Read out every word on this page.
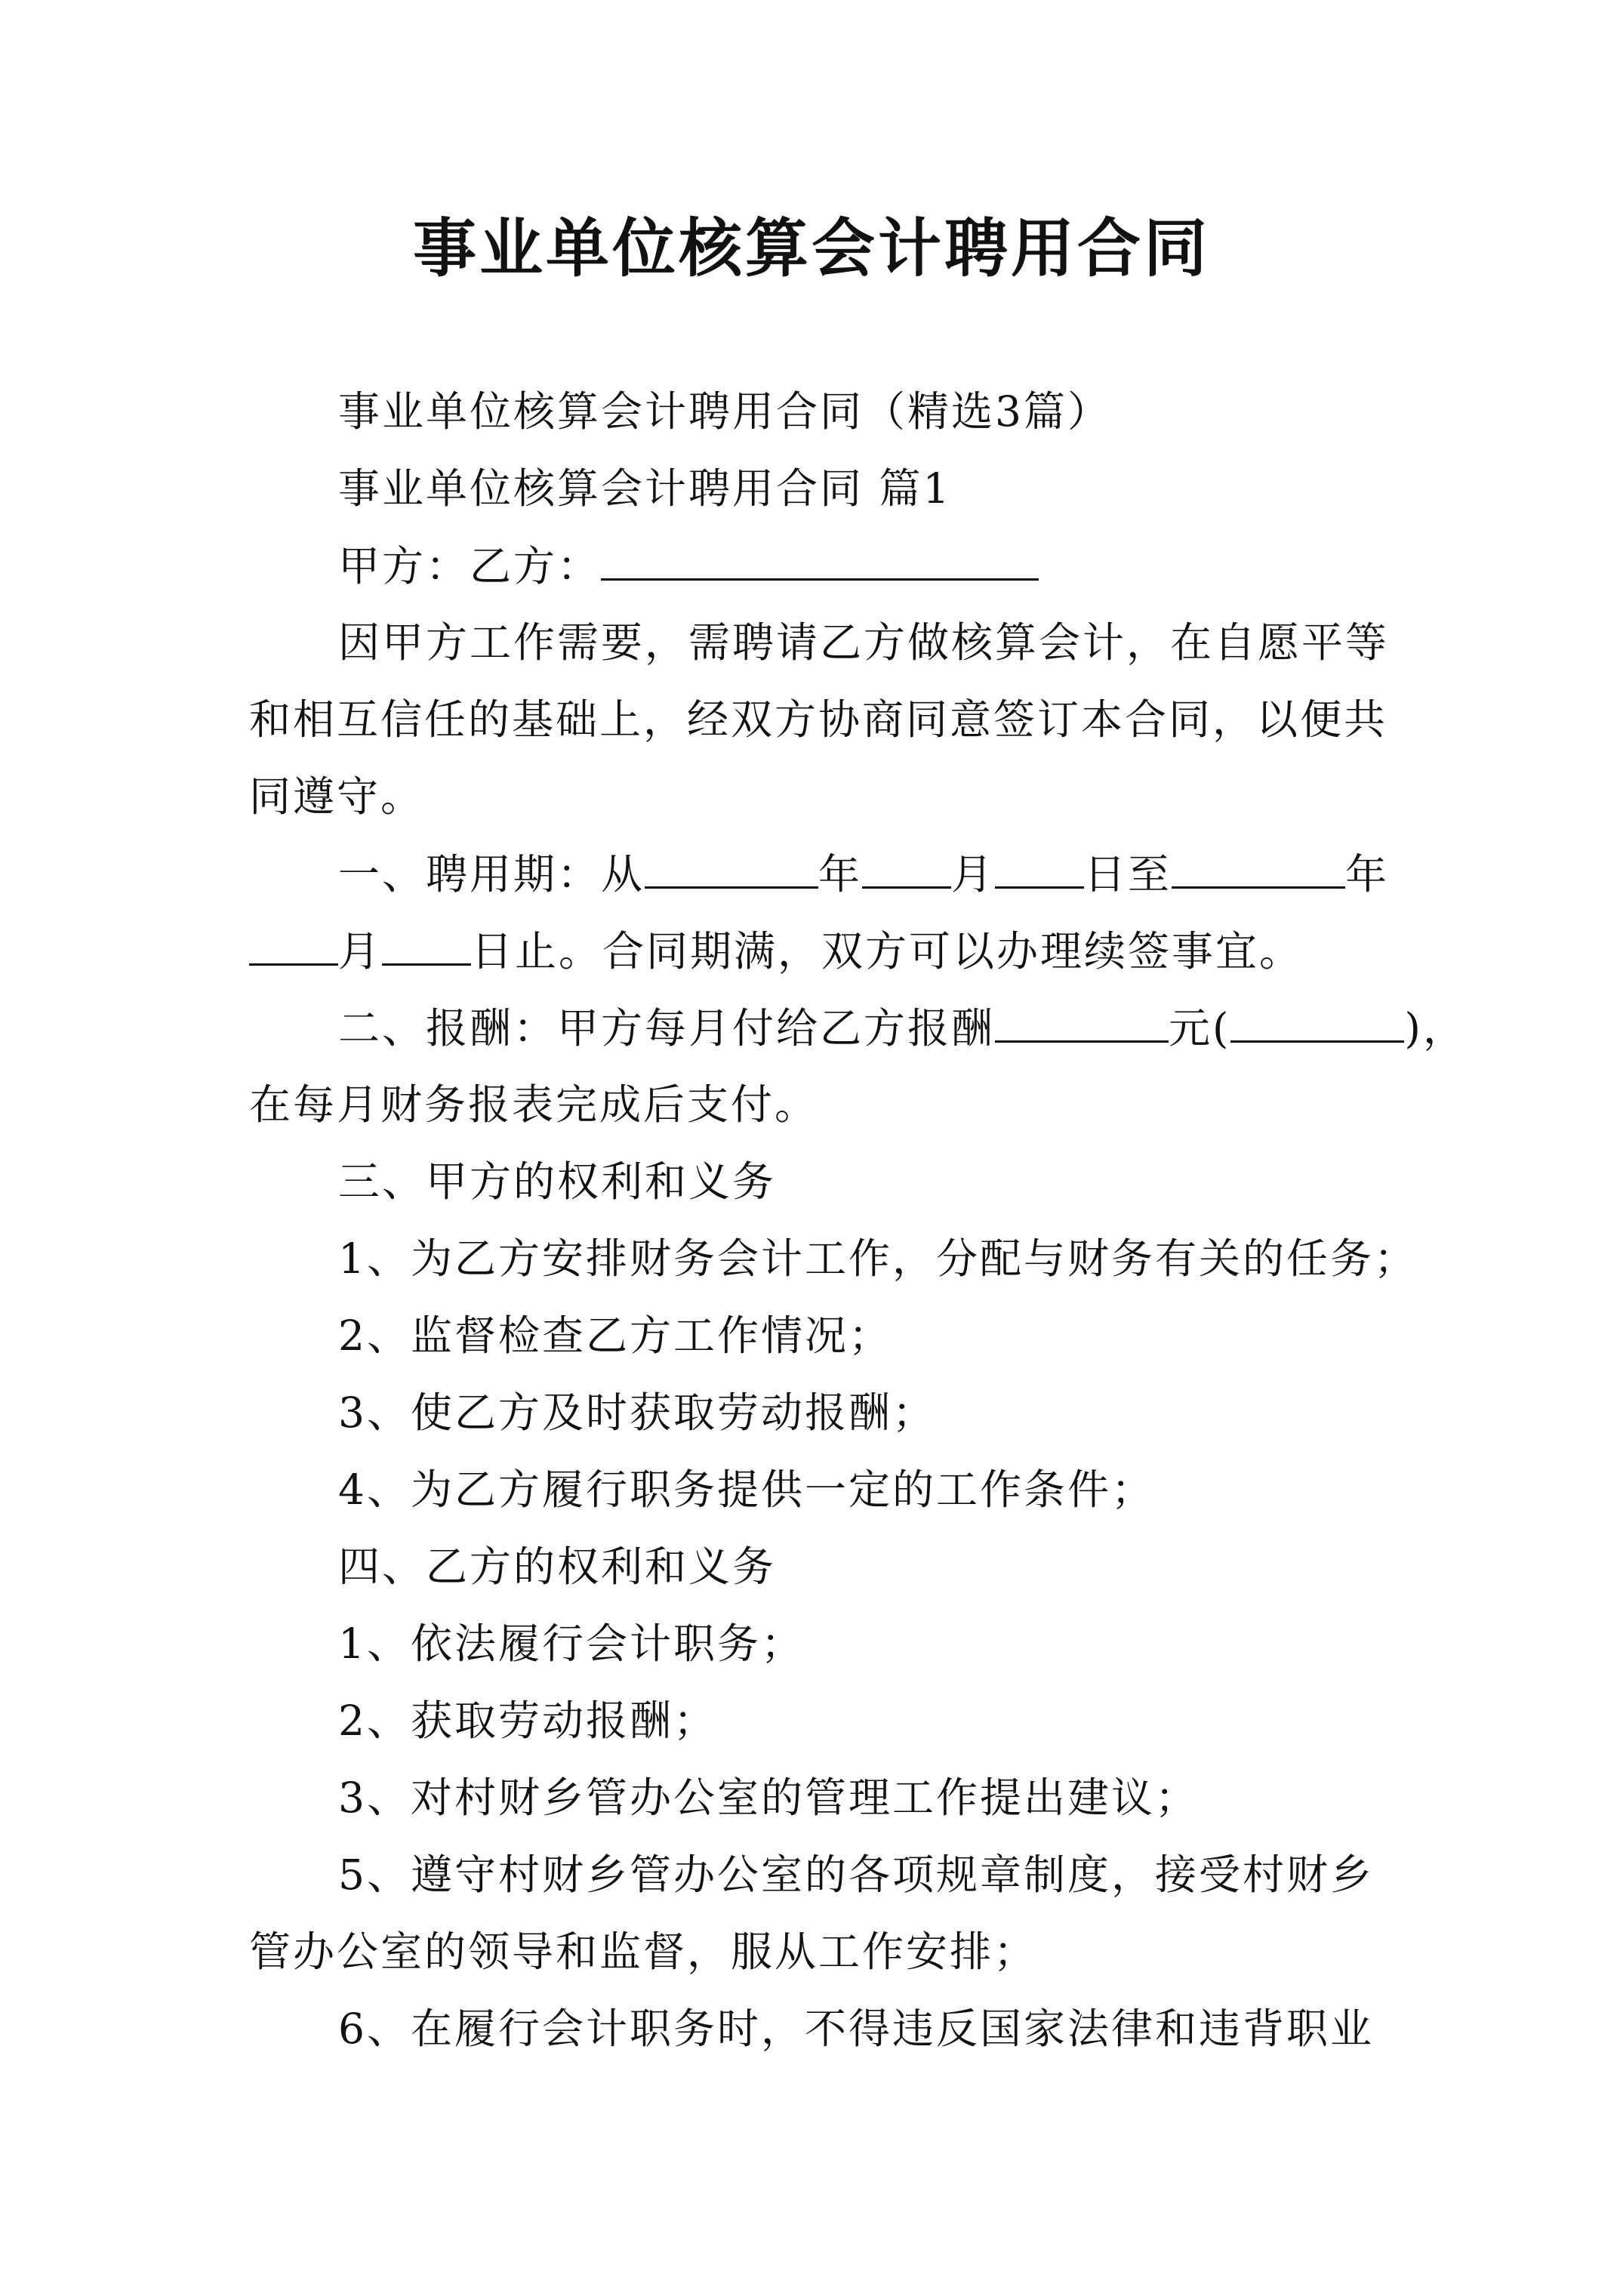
事业单位核算会计聘用合同
事业单位核算会计聘用合同（精选3篇）
事业单位核算会计聘用合同 篇1
甲方：乙方：
因甲方工作需要，需聘请乙方做核算会计，在自愿平等
和相互信任的基础上，经双方协商同意签订本合同，以便共
同遵守。
一、聘用期：从	年 月 日至	年
月 日止。合同期满，双方可以办理续签事宜。
二、报酬：甲方每月付给乙方报酬	元(	)，
在每月财务报表完成后支付。
三、甲方的权利和义务
1、为乙方安排财务会计工作，分配与财务有关的任务；
2、监督检查乙方工作情况；
3、使乙方及时获取劳动报酬；
4、为乙方履行职务提供一定的工作条件；
四、乙方的权利和义务
1、依法履行会计职务；
2、获取劳动报酬；
3、对村财乡管办公室的管理工作提出建议；
5、遵守村财乡管办公室的各项规章制度，接受村财乡
管办公室的领导和监督，服从工作安排；
6、在履行会计职务时，不得违反国家法律和违背职业
